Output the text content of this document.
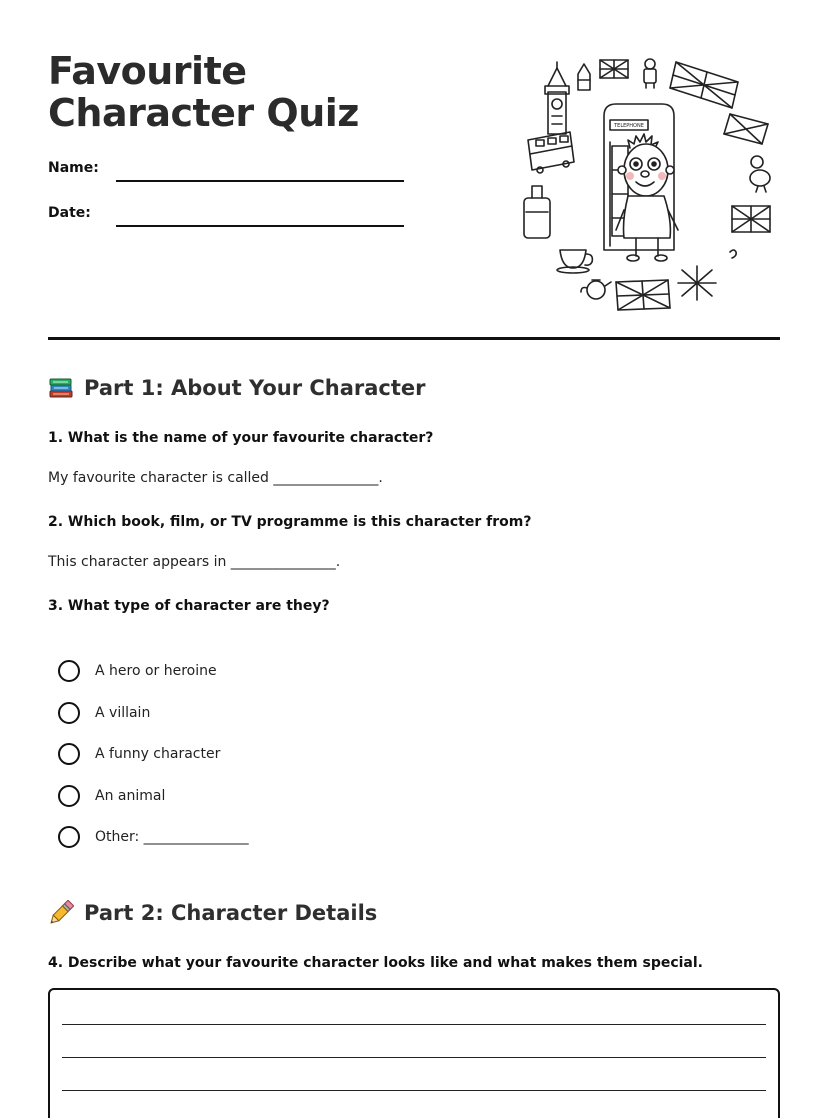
Favourite Character Quiz
Name:
Date:
TELEPHONE
Part 1: About Your Character
1. What is the name of your favourite character?
My favourite character is called _______________.
2. Which book, film, or TV programme is this character from?
This character appears in _______________.
3. What type of character are they?
A hero or heroine
A villain
A funny character
An animal
Other: _______________
Part 2: Character Details
4. Describe what your favourite character looks like and what makes them special.
